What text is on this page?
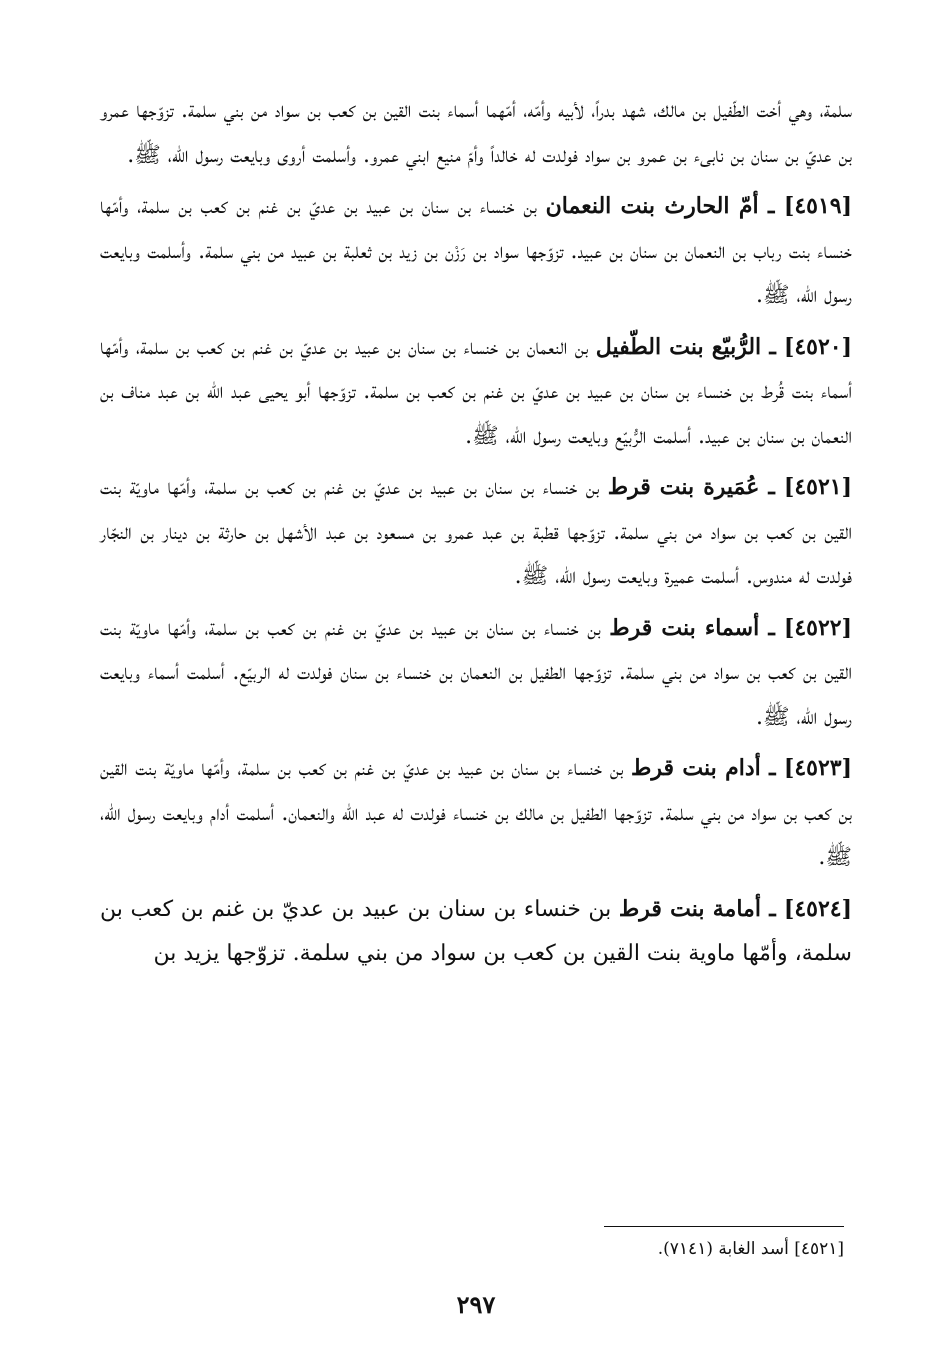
سلمة، وهي أخت الطّفيل بن مالك، شهد بدراً، لأبيه وأمّه، أمّهما أسماء بنت القين بن كعب بن سواد من بني سلمة. تزوّجها عمرو بن عديّ بن سنان بن نابىء بن عمرو بن سواد فولدت له خالداً وأمّ منيع ابني عمرو. وأسلمت أروى وبايعت رسول الله، ﷺ.

[٤٥١٩] ـ أمّ الحارث بنت النعمان بن خنساء بن سنان بن عبيد بن عديّ بن غنم بن كعب بن سلمة، وأمّها خنساء بنت رباب بن النعمان بن سنان بن عبيد. تزوّجها سواد بن رَزْن بن زيد بن ثعلبة بن عبيد من بني سلمة. وأسلمت وبايعت رسول الله، ﷺ.

[٤٥٢٠] ـ الرُّبيّع بنت الطّفيل بن النعمان بن خنساء بن سنان بن عبيد بن عديّ بن غنم بن كعب بن سلمة، وأمّها أسماء بنت قُرط بن خنساء بن سنان بن عبيد بن عديّ بن غنم بن كعب بن سلمة. تزوّجها أبو يحيى عبد الله بن عبد مناف بن النعمان بن سنان بن عبيد. أسلمت الرُّبيّع وبايعت رسول الله، ﷺ.

[٤٥٢١] ـ عُمَيرة بنت قرط بن خنساء بن سنان بن عبيد بن عديّ بن غنم بن كعب بن سلمة، وأمّها ماويّة بنت القين بن كعب بن سواد من بني سلمة. تزوّجها قطبة بن عبد عمرو بن مسعود بن عبد الأشهل بن حارثة بن دينار بن النجّار فولدت له مندوس. أسلمت عميرة وبايعت رسول الله، ﷺ.

[٤٥٢٢] ـ أسماء بنت قرط بن خنساء بن سنان بن عبيد بن عديّ بن غنم بن كعب بن سلمة، وأمّها ماويّة بنت القين بن كعب بن سواد من بني سلمة. تزوّجها الطفيل بن النعمان بن خنساء بن سنان فولدت له الربيّع. أسلمت أسماء وبايعت رسول الله، ﷺ.

[٤٥٢٣] ـ أدام بنت قرط بن خنساء بن سنان بن عبيد بن عديّ بن غنم بن كعب بن سلمة، وأمّها ماويّة بنت القين بن كعب بن سواد من بني سلمة. تزوّجها الطفيل بن مالك بن خنساء فولدت له عبد الله والنعمان. أسلمت أدام وبايعت رسول الله، ﷺ.

[٤٥٢٤] ـ أمامة بنت قرط بن خنساء بن سنان بن عبيد بن عديّ بن غنم بن كعب بن سلمة، وأمّها ماوية بنت القين بن كعب بن سواد من بني سلمة. تزوّجها يزيد بن

[٤٥٢١] أسد الغابة (٧١٤١).
٢٩٧
